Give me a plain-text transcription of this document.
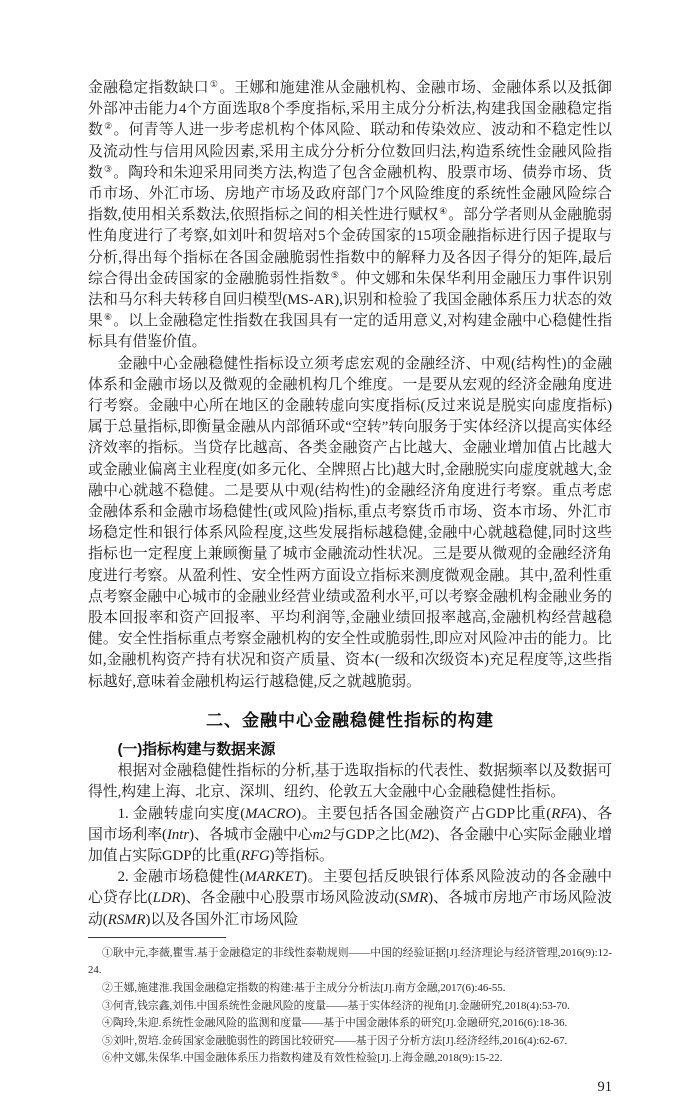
金融稳定指数缺口①。王娜和施建淮从金融机构、金融市场、金融体系以及抵御外部冲击能力4个方面选取8个季度指标,采用主成分分析法,构建我国金融稳定指数②。何青等人进一步考虑机构个体风险、联动和传染效应、波动和不稳定性以及流动性与信用风险因素,采用主成分分析分位数回归法,构造系统性金融风险指数③。陶玲和朱迎采用同类方法,构造了包含金融机构、股票市场、债券市场、货币市场、外汇市场、房地产市场及政府部门7个风险维度的系统性金融风险综合指数,使用相关系数法,依照指标之间的相关性进行赋权④。部分学者则从金融脆弱性角度进行了考察,如刘叶和贺培对5个金砖国家的15项金融指标进行因子提取与分析,得出每个指标在各国金融脆弱性指数中的解释力及各因子得分的矩阵,最后综合得出金砖国家的金融脆弱性指数⑤。仲文娜和朱保华利用金融压力事件识别法和马尔科夫转移自回归模型(MS-AR),识别和检验了我国金融体系压力状态的效果⑥。以上金融稳定性指数在我国具有一定的适用意义,对构建金融中心稳健性指标具有借鉴价值。

金融中心金融稳健性指标设立须考虑宏观的金融经济、中观(结构性)的金融体系和金融市场以及微观的金融机构几个维度。一是要从宏观的经济金融角度进行考察。金融中心所在地区的金融转虚向实度指标(反过来说是脱实向虚度指标)属于总量指标,即衡量金融从内部循环或“空转”转向服务于实体经济以提高实体经济效率的指标。当贷存比越高、各类金融资产占比越大、金融业增加值占比越大或金融业偏离主业程度(如多元化、全牌照占比)越大时,金融脱实向虚度就越大,金融中心就越不稳健。二是要从中观(结构性)的金融经济角度进行考察。重点考虑金融体系和金融市场稳健性(或风险)指标,重点考察货币市场、资本市场、外汇市场稳定性和银行体系风险程度,这些发展指标越稳健,金融中心就越稳健,同时这些指标也一定程度上兼顾衡量了城市金融流动性状况。三是要从微观的金融经济角度进行考察。从盈利性、安全性两方面设立指标来测度微观金融。其中,盈利性重点考察金融中心城市的金融业经营业绩或盈利水平,可以考察金融机构金融业务的股本回报率和资产回报率、平均利润等,金融业绩回报率越高,金融机构经营越稳健。安全性指标重点考察金融机构的安全性或脆弱性,即应对风险冲击的能力。比如,金融机构资产持有状况和资产质量、资本(一级和次级资本)充足程度等,这些指标越好,意味着金融机构运行越稳健,反之就越脆弱。

二、金融中心金融稳健性指标的构建
(一)指标构建与数据来源

根据对金融稳健性指标的分析,基于选取指标的代表性、数据频率以及数据可得性,构建上海、北京、深圳、纽约、伦敦五大金融中心金融稳健性指标。

1. 金融转虚向实度(MACRO)。主要包括各国金融资产占GDP比重(RFA)、各国市场利率(Intr)、各城市金融中心m2与GDP之比(M2)、各金融中心实际金融业增加值占实际GDP的比重(RFG)等指标。

2. 金融市场稳健性(MARKET)。主要包括反映银行体系风险波动的各金融中心贷存比(LDR)、各金融中心股票市场风险波动(SMR)、各城市房地产市场风险波动(RSMR)以及各国外汇市场风险

①耿中元,李薇,瞿雪.基于金融稳定的非线性泰勒规则——中国的经验证据[J].经济理论与经济管理,2016(9):12-24.

②王娜,施建淮.我国金融稳定指数的构建:基于主成分分析法[J].南方金融,2017(6):46-55.

③何青,钱宗鑫,刘伟.中国系统性金融风险的度量——基于实体经济的视角[J].金融研究,2018(4):53-70.

④陶玲,朱迎.系统性金融风险的监测和度量——基于中国金融体系的研究[J].金融研究,2016(6):18-36.

⑤刘叶,贺培.金砖国家金融脆弱性的跨国比较研究——基于因子分析方法[J].经济经纬,2016(4):62-67.

⑥仲文娜,朱保华.中国金融体系压力指数构建及有效性检验[J].上海金融,2018(9):15-22.

91
